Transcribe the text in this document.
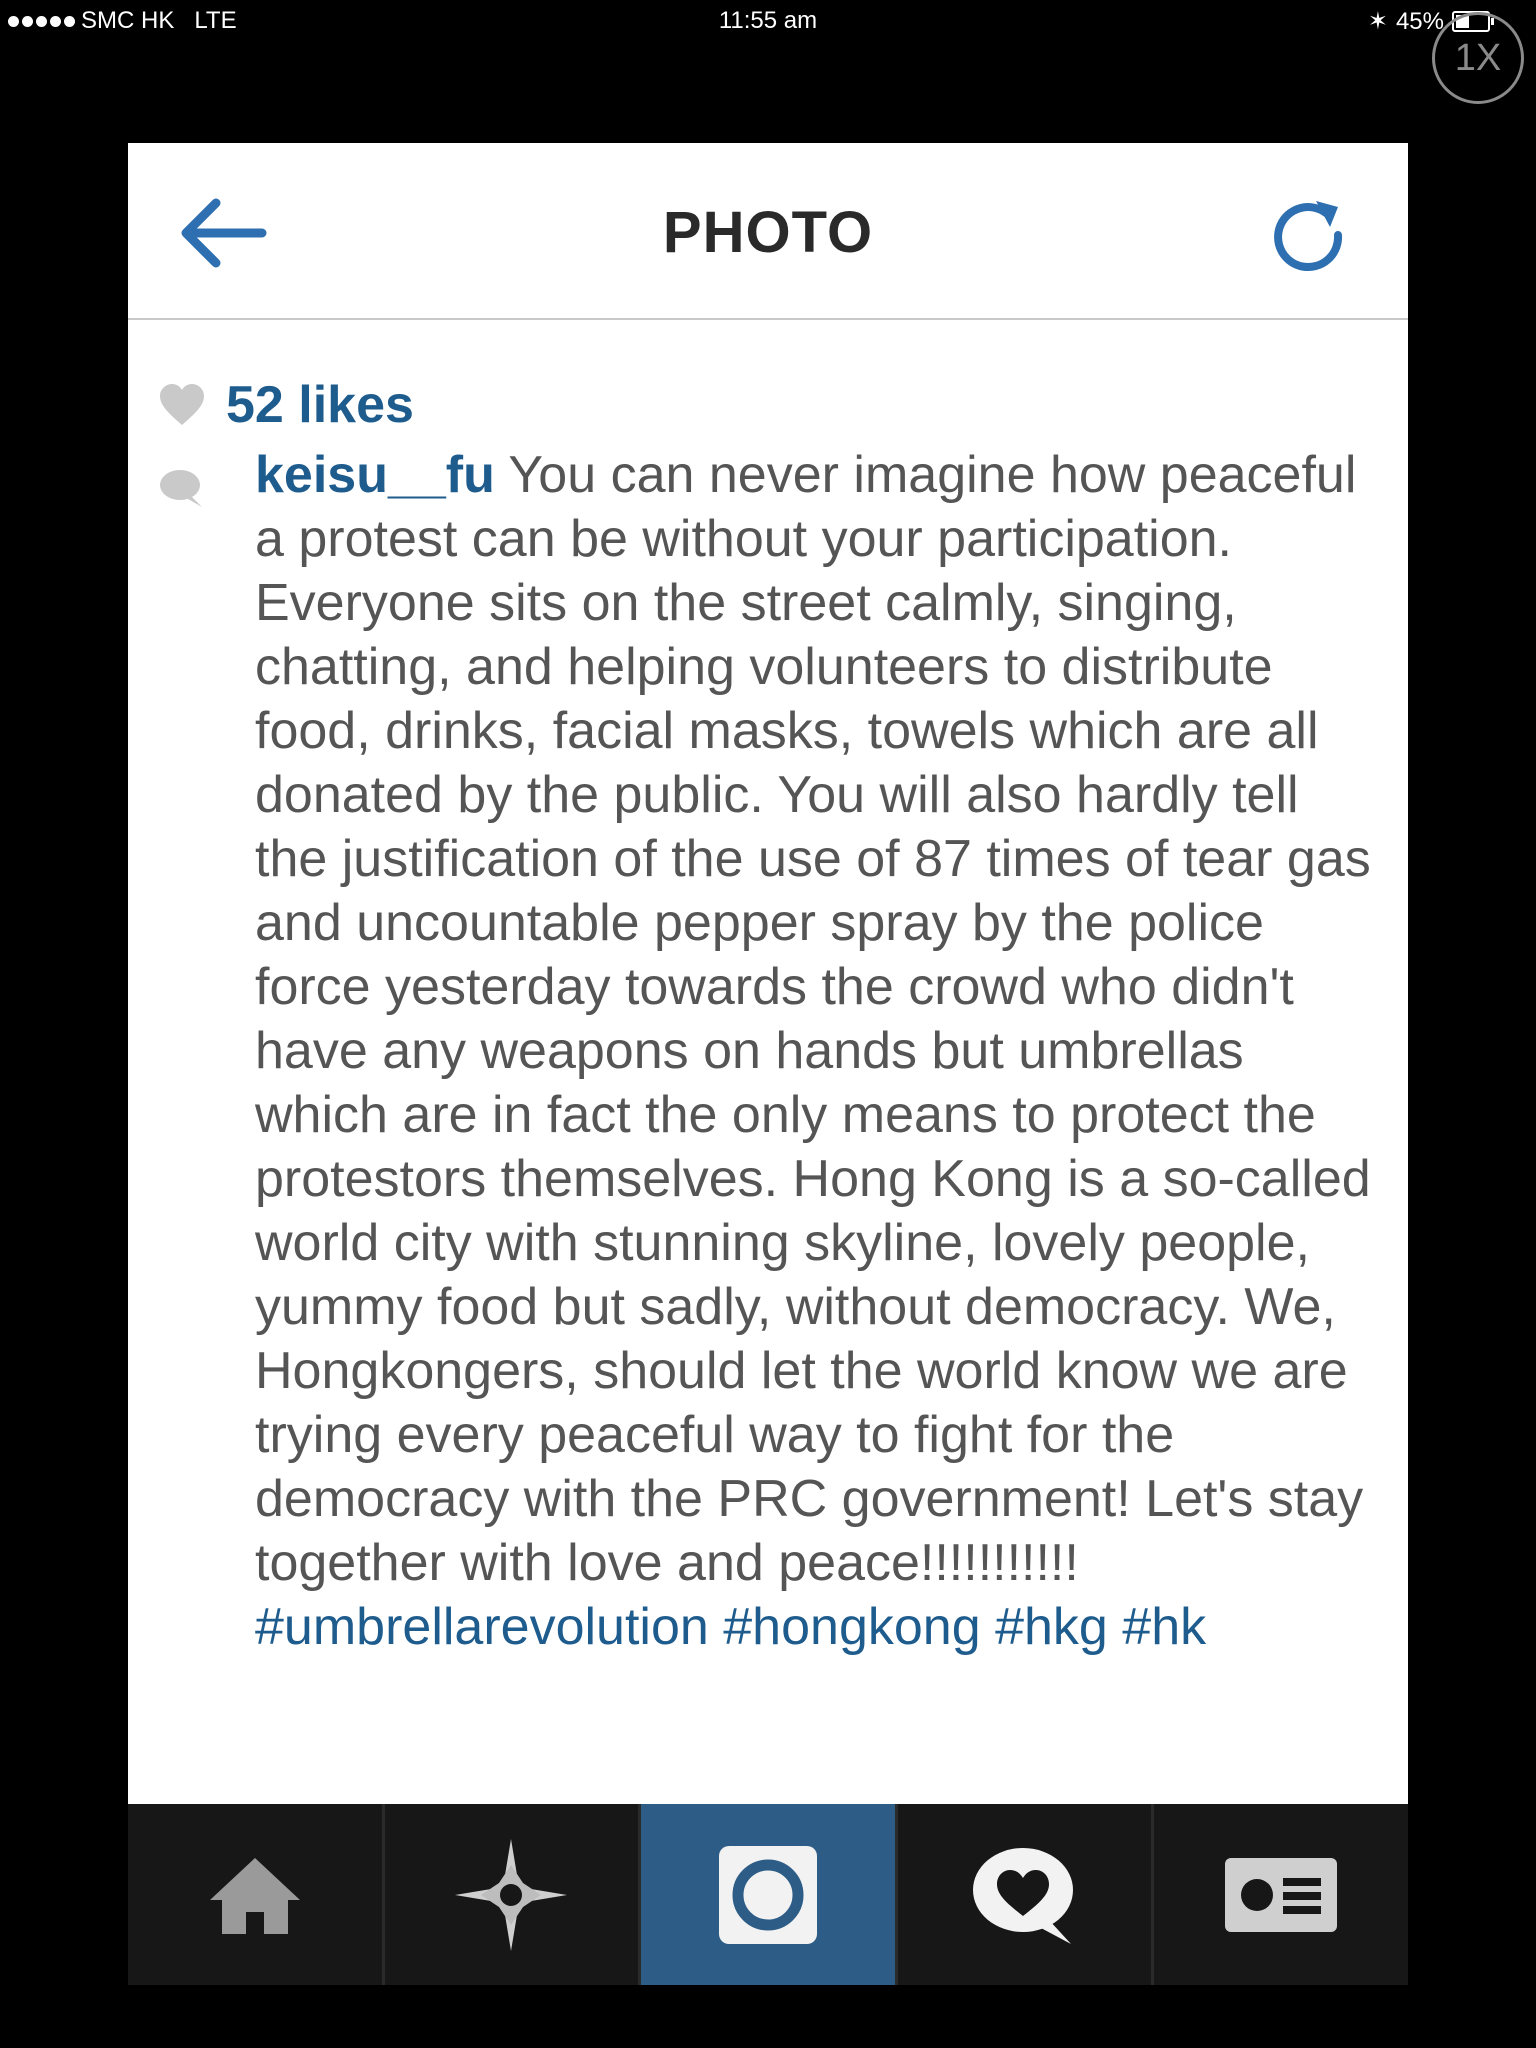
SMC HK LTE	11:55 am	✶ 45%
1X
PHOTO
52 likes
keisu__fu You can never imagine how peaceful a protest can be without your participation. Everyone sits on the street calmly, singing, chatting, and helping volunteers to distribute food, drinks, facial masks, towels which are all donated by the public. You will also hardly tell the justification of the use of 87 times of tear gas and uncountable pepper spray by the police force yesterday towards the crowd who didn't have any weapons on hands but umbrellas which are in fact the only means to protect the protestors themselves. Hong Kong is a so-called world city with stunning skyline, lovely people, yummy food but sadly, without democracy. We, Hongkongers, should let the world know we are trying every peaceful way to fight for the democracy with the PRC government! Let's stay together with love and peace!!!!!!!!!!! #umbrellarevolution #hongkong #hkg #hk
